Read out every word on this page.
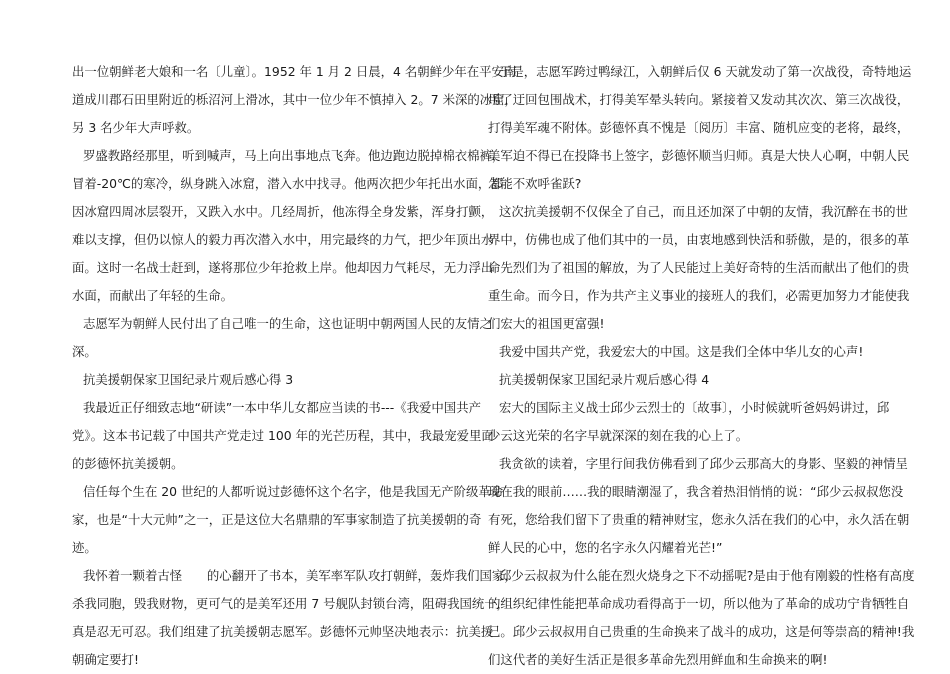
出一位朝鲜老大娘和一名〔儿童〕。1952 年 1 月 2 日晨，4 名朝鲜少年在平安南
道成川郡石田里附近的栎沼河上滑冰，其中一位少年不慎掉入 2。7 米深的冰窟，
另 3 名少年大声呼救。
罗盛教路经那里，听到喊声，马上向出事地点飞奔。他边跑边脱掉棉衣棉裤，
冒着-20℃的寒冷，纵身跳入冰窟，潜入水中找寻。他两次把少年托出水面，都
因冰窟四周冰层裂开，又跌入水中。几经周折，他冻得全身发紫，浑身打颤，
难以支撑，但仍以惊人的毅力再次潜入水中，用完最终的力气，把少年顶出水
面。这时一名战士赶到，遂将那位少年抢救上岸。他却因力气耗尽，无力浮出
水面，而献出了年轻的生命。
志愿军为朝鲜人民付出了自己唯一的生命，这也证明中朝两国人民的友情之
深。
抗美援朝保家卫国纪录片观后感心得 3
我最近正仔细致志地“研读”一本中华儿女都应当读的书---《我爱中国共产
党》。这本书记载了中国共产党走过 100 年的光芒历程，其中，我最宠爱里面
的彭德怀抗美援朝。
信任每个生在 20 世纪的人都听说过彭德怀这个名字，他是我国无产阶级革命
家，也是“十大元帅”之一，正是这位大名鼎鼎的军事家制造了抗美援朝的奇
迹。
我怀着一颗着古怪　　的心翻开了书本，美军率军队攻打朝鲜，轰炸我们国家，
杀我同胞，毁我财物，更可气的是美军还用 7 号舰队封锁台湾，阻碍我国统一，
真是忍无可忍。我们组建了抗美援朝志愿军。彭德怀元帅坚决地表示：抗美援
朝确定要打!
于是，志愿军跨过鸭绿江，入朝鲜后仅 6 天就发动了第一次战役，奇特地运
用了迂回包围战术，打得美军晕头转向。紧接着又发动其次次、第三次战役，
打得美军魂不附体。彭德怀真不愧是〔阅历〕丰富、随机应变的老将，最终，
美军迫不得已在投降书上签字，彭德怀顺当归师。真是大快人心啊，中朝人民
怎能不欢呼雀跃?
这次抗美援朝不仅保全了自己，而且还加深了中朝的友情，我沉醉在书的世
界中，仿佛也成了他们其中的一员，由衷地感到快活和骄傲，是的，很多的革
命先烈们为了祖国的解放，为了人民能过上美好奇特的生活而献出了他们的贵
重生命。而今日，作为共产主义事业的接班人的我们，必需更加努力才能使我
们宏大的祖国更富强!
我爱中国共产党，我爱宏大的中国。这是我们全体中华儿女的心声!
抗美援朝保家卫国纪录片观后感心得 4
宏大的国际主义战士邱少云烈士的〔故事〕，小时候就听爸妈妈讲过，邱
少云这光荣的名字早就深深的刻在我的心上了。
我贪欲的读着，字里行间我仿佛看到了邱少云那高大的身影、坚毅的神情呈
现在我的眼前……我的眼睛潮湿了，我含着热泪悄悄的说：“邱少云叔叔您没
有死，您给我们留下了贵重的精神财宝，您永久活在我们的心中，永久活在朝
鲜人民的心中，您的名字永久闪耀着光芒!”
邱少云叔叔为什么能在烈火烧身之下不动摇呢?是由于他有刚毅的性格有高度
的组织纪律性能把革命成功看得高于一切，所以他为了革命的成功宁肯牺牲自
己。邱少云叔叔用自己贵重的生命换来了战斗的成功，这是何等崇高的精神!我
们这代者的美好生活正是很多革命先烈用鲜血和生命换来的啊!
